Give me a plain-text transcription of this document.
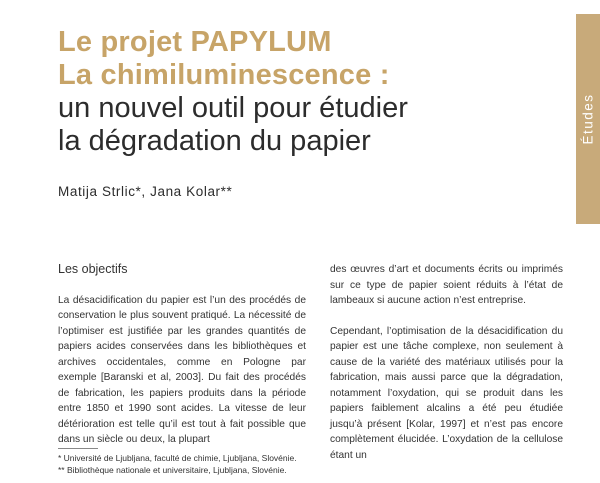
Études
Le projet PAPYLUM
La chimiluminescence :
un nouvel outil pour étudier
la dégradation du papier
Matija Strlic*, Jana Kolar**
Les objectifs

La désacidification du papier est l’un des procédés de conservation le plus souvent pratiqué. La nécessité de l’optimiser est justifiée par les grandes quantités de papiers acides conservées dans les bibliothèques et archives occidentales, comme en Pologne par exemple [Baranski et al, 2003]. Du fait des procédés de fabrication, les papiers produits dans la période entre 1850 et 1990 sont acides. La vitesse de leur détérioration est telle qu’il est tout à fait possible que dans un siècle ou deux, la plupart

des œuvres d’art et documents écrits ou imprimés sur ce type de papier soient réduits à l’état de lambeaux si aucune action n’est entreprise.

Cependant, l’optimisation de la désacidification du papier est une tâche complexe, non seulement à cause de la variété des matériaux utilisés pour la fabrication, mais aussi parce que la dégradation, notamment l’oxydation, qui se produit dans les papiers faiblement alcalins a été peu étudiée jusqu’à présent [Kolar, 1997] et n’est pas encore complètement élucidée. L’oxydation de la cellulose étant un

* Université de Ljubljana, faculté de chimie, Ljubljana, Slovénie.
** Bibliothèque nationale et universitaire, Ljubljana, Slovénie.
